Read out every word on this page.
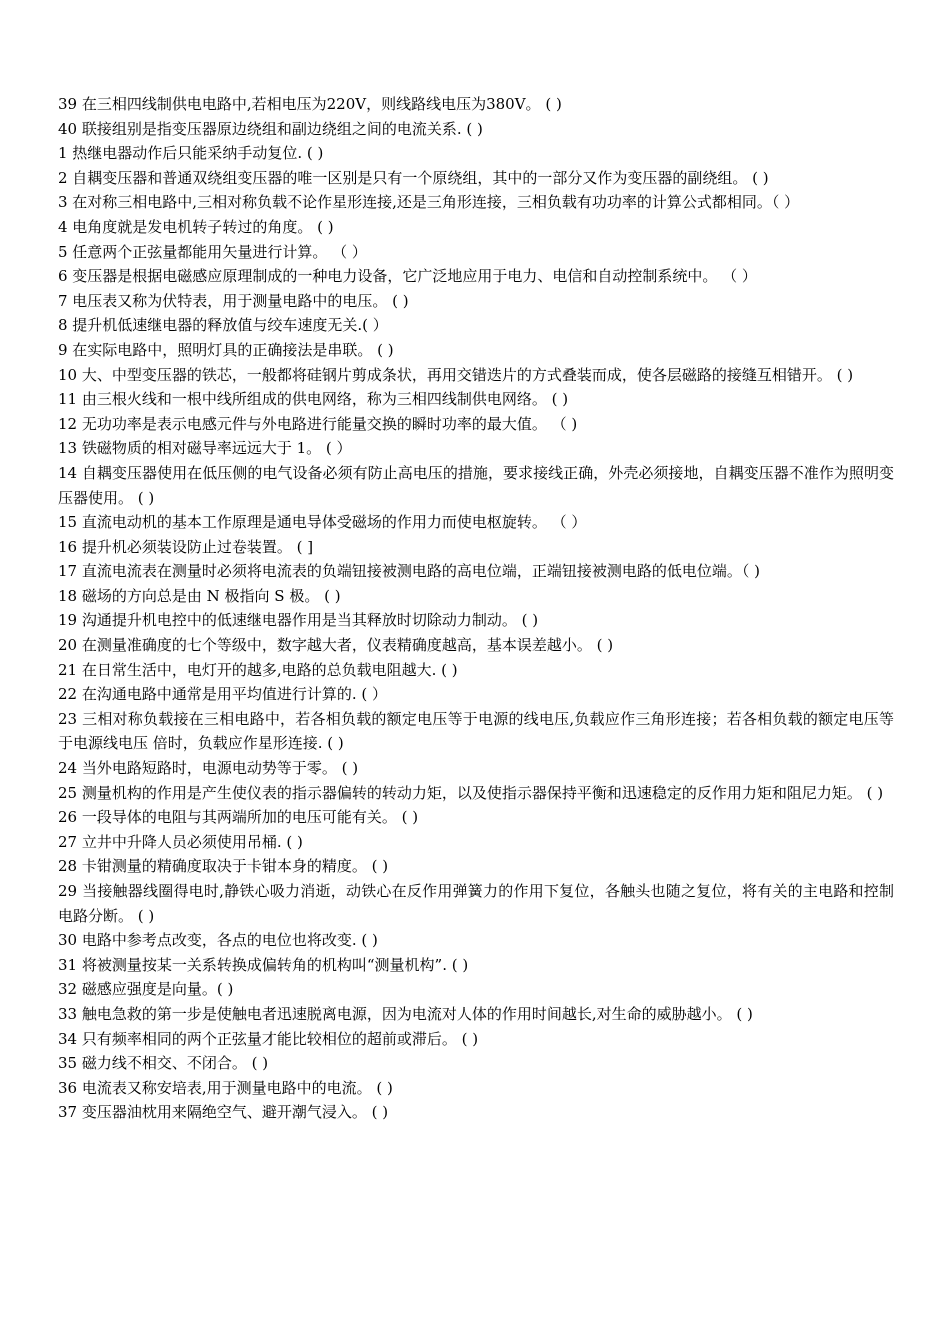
39 在三相四线制供电电路中,若相电压为220V，则线路线电压为380V。 ( )

40 联接组别是指变压器原边绕组和副边绕组之间的电流关系. ( )

1 热继电器动作后只能采纳手动复位. ( )

2 自耦变压器和普通双绕组变压器的唯一区别是只有一个原绕组，其中的一部分又作为变压器的副绕组。 ( )

3 在对称三相电路中,三相对称负载不论作星形连接,还是三角形连接，三相负载有功功率的计算公式都相同。（ ）

4 电角度就是发电机转子转过的角度。 ( )

5 任意两个正弦量都能用矢量进行计算。 （ ）

6 变压器是根据电磁感应原理制成的一种电力设备，它广泛地应用于电力、电信和自动控制系统中。 （ ）

7 电压表又称为伏特表，用于测量电路中的电压。 ( )

8 提升机低速继电器的释放值与绞车速度无关.( ）

9 在实际电路中，照明灯具的正确接法是串联。 ( )

10 大、中型变压器的铁芯，一般都将硅钢片剪成条状，再用交错迭片的方式叠装而成，使各层磁路的接缝互相错开。 ( )

11 由三根火线和一根中线所组成的供电网络，称为三相四线制供电网络。 ( )

12 无功功率是表示电感元件与外电路进行能量交换的瞬时功率的最大值。 （ )

13 铁磁物质的相对磁导率远远大于 1。 ( ）

14 自耦变压器使用在低压侧的电气设备必须有防止高电压的措施，要求接线正确，外壳必须接地，自耦变压器不准作为照明变压器使用。 ( )

15 直流电动机的基本工作原理是通电导体受磁场的作用力而使电枢旋转。 （ ）

16 提升机必须装设防止过卷装置。 ( ]

17 直流电流表在测量时必须将电流表的负端钮接被测电路的高电位端，正端钮接被测电路的低电位端。（ )

18 磁场的方向总是由 N 极指向 S 极。 ( )

19 沟通提升机电控中的低速继电器作用是当其释放时切除动力制动。 ( )

20 在测量准确度的七个等级中，数字越大者，仪表精确度越高，基本误差越小。 ( )

21 在日常生活中，电灯开的越多,电路的总负载电阻越大. ( )

22 在沟通电路中通常是用平均值进行计算的. ( ）

23 三相对称负载接在三相电路中，若各相负载的额定电压等于电源的线电压,负载应作三角形连接；若各相负载的额定电压等于电源线电压 倍时，负载应作星形连接. ( )

24 当外电路短路时，电源电动势等于零。 ( )

25 测量机构的作用是产生使仪表的指示器偏转的转动力矩，以及使指示器保持平衡和迅速稳定的反作用力矩和阻尼力矩。 ( )

26 一段导体的电阻与其两端所加的电压可能有关。 ( )

27 立井中升降人员必须使用吊桶. ( )

28 卡钳测量的精确度取决于卡钳本身的精度。 ( )

29 当接触器线圈得电时,静铁心吸力消逝，动铁心在反作用弹簧力的作用下复位，各触头也随之复位，将有关的主电路和控制电路分断。 ( )

30 电路中参考点改变，各点的电位也将改变. ( )

31 将被测量按某一关系转换成偏转角的机构叫“测量机构”. ( )

32 磁感应强度是向量。( )

33 触电急救的第一步是使触电者迅速脱离电源，因为电流对人体的作用时间越长,对生命的威胁越小。 ( )

34 只有频率相同的两个正弦量才能比较相位的超前或滞后。 ( )

35 磁力线不相交、不闭合。 ( )

36 电流表又称安培表,用于测量电路中的电流。 ( )

37 变压器油枕用来隔绝空气、避开潮气浸入。 ( )
